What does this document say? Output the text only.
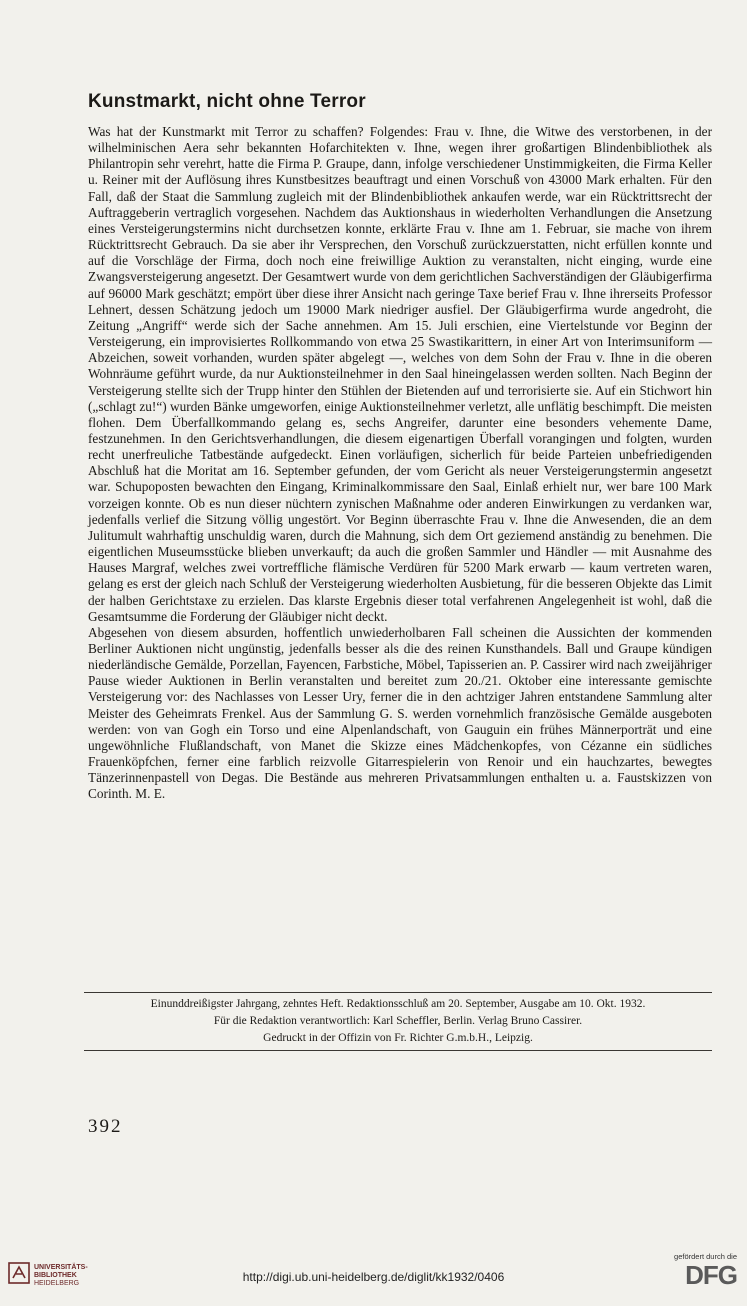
Kunstmarkt, nicht ohne Terror

Was hat der Kunstmarkt mit Terror zu schaffen? Folgendes: Frau v. Ihne, die Witwe des verstorbenen, in der wilhelminischen Aera sehr bekannten Hofarchitekten v. Ihne, wegen ihrer großartigen Blindenbibliothek als Philantropin sehr verehrt, hatte die Firma P. Graupe, dann, infolge verschiedener Unstimmigkeiten, die Firma Keller u. Reiner mit der Auflösung ihres Kunstbesitzes beauftragt und einen Vorschuß von 43000 Mark erhalten. Für den Fall, daß der Staat die Sammlung zugleich mit der Blindenbibliothek ankaufen werde, war ein Rücktrittsrecht der Auftraggeberin vertraglich vorgesehen. Nachdem das Auktionshaus in wiederholten Verhandlungen die Ansetzung eines Versteigerungstermins nicht durchsetzen konnte, erklärte Frau v. Ihne am 1. Februar, sie mache von ihrem Rücktrittsrecht Gebrauch. Da sie aber ihr Versprechen, den Vorschuß zurückzuerstatten, nicht erfüllen konnte und auf die Vorschläge der Firma, doch noch eine freiwillige Auktion zu veranstalten, nicht einging, wurde eine Zwangsversteigerung angesetzt. Der Gesamtwert wurde von dem gerichtlichen Sachverständigen der Gläubigerfirma auf 96000 Mark geschätzt; empört über diese ihrer Ansicht nach geringe Taxe berief Frau v. Ihne ihrerseits Professor Lehnert, dessen Schätzung jedoch um 19000 Mark niedriger ausfiel. Der Gläubigerfirma wurde angedroht, die Zeitung „Angriff“ werde sich der Sache annehmen. Am 15. Juli erschien, eine Viertelstunde vor Beginn der Versteigerung, ein improvisiertes Rollkommando von etwa 25 Swastikarittern, in einer Art von Interimsuniform — Abzeichen, soweit vorhanden, wurden später abgelegt —, welches von dem Sohn der Frau v. Ihne in die oberen Wohnräume geführt wurde, da nur Auktionsteilnehmer in den Saal hineingelassen werden sollten. Nach Beginn der Versteigerung stellte sich der Trupp hinter den Stühlen der Bietenden auf und terrorisierte sie. Auf ein Stichwort hin („schlagt zu!“) wurden Bänke umgeworfen, einige Auktionsteilnehmer verletzt, alle unflätig beschimpft. Die meisten flohen. Dem Überfallkommando gelang es, sechs Angreifer, darunter eine besonders vehemente Dame, festzunehmen. In den Gerichtsverhandlungen, die diesem eigenartigen Überfall vorangingen und folgten, wurden recht unerfreuliche Tatbestände aufgedeckt. Einen vorläufigen, sicherlich für beide Parteien unbefriedigenden Abschluß hat die Moritat am 16. September gefunden, der vom Gericht als neuer Versteigerungstermin angesetzt war. Schupoposten bewachten den Eingang, Kriminalkommissare den Saal, Einlaß erhielt nur, wer bare 100 Mark vorzeigen konnte. Ob es nun dieser nüchtern zynischen Maßnahme oder anderen Einwirkungen zu verdanken war, jedenfalls verlief die Sitzung völlig ungestört. Vor Beginn überraschte Frau v. Ihne die Anwesenden, die an dem Julitumult wahrhaftig unschuldig waren, durch die Mahnung, sich dem Ort geziemend anständig zu benehmen. Die eigentlichen Museumsstücke blieben unverkauft; da auch die großen Sammler und Händler — mit Ausnahme des Hauses Margraf, welches zwei vortreffliche flämische Verdüren für 5200 Mark erwarb — kaum vertreten waren, gelang es erst der gleich nach Schluß der Versteigerung wiederholten Ausbietung, für die besseren Objekte das Limit der halben Gerichtstaxe zu erzielen. Das klarste Ergebnis dieser total verfahrenen Angelegenheit ist wohl, daß die Gesamtsumme die Forderung der Gläubiger nicht deckt.

Abgesehen von diesem absurden, hoffentlich unwiederholbaren Fall scheinen die Aussichten der kommenden Berliner Auktionen nicht ungünstig, jedenfalls besser als die des reinen Kunsthandels. Ball und Graupe kündigen niederländische Gemälde, Porzellan, Fayencen, Farbstiche, Möbel, Tapisserien an. P. Cassirer wird nach zweijähriger Pause wieder Auktionen in Berlin veranstalten und bereitet zum 20./21. Oktober eine interessante gemischte Versteigerung vor: des Nachlasses von Lesser Ury, ferner die in den achtziger Jahren entstandene Sammlung alter Meister des Geheimrats Frenkel. Aus der Sammlung G. S. werden vornehmlich französische Gemälde ausgeboten werden: von van Gogh ein Torso und eine Alpenlandschaft, von Gauguin ein frühes Männerporträt und eine ungewöhnliche Flußlandschaft, von Manet die Skizze eines Mädchenkopfes, von Cézanne ein südliches Frauenköpfchen, ferner eine farblich reizvolle Gitarrespielerin von Renoir und ein hauchzartes, bewegtes Tänzerinnenpastell von Degas. Die Bestände aus mehreren Privatsammlungen enthalten u. a. Faustskizzen von Corinth. M. E.

Einunddreißigster Jahrgang, zehntes Heft. Redaktionsschluß am 20. September, Ausgabe am 10. Okt. 1932.
Für die Redaktion verantwortlich: Karl Scheffler, Berlin. Verlag Bruno Cassirer.
Gedruckt in der Offizin von Fr. Richter G.m.b.H., Leipzig.
392
UNIVERSITÄTS-
BIBLIOTHEK
HEIDELBERG	http://digi.ub.uni-heidelberg.de/diglit/kk1932/0406
gefördert durch die
DFG
